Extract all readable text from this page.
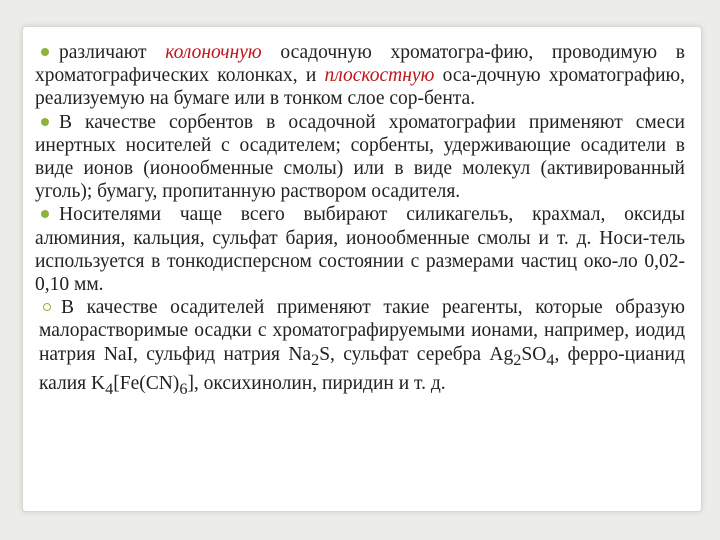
различают колоночную осадочную хроматогра-фию, проводимую в хроматографических колонках, и плоскостную оса-дочную хроматографию, реализуемую на бумаге или в тонком слое сор-бента.

В качестве сорбентов в осадочной хроматографии применяют смеси инертных носителей с осадителем; сорбенты, удерживающие осадители в виде ионов (ионообменные смолы) или в виде молекул (активированный уголь); бумагу, пропитанную раствором осадителя.

Носителями чаще всего выбирают силикагельъ, крахмал, оксиды алюминия, кальция, сульфат бария, ионообменные смолы и т. д. Носи-тель используется в тонкодисперсном состоянии с размерами частиц око-ло 0,02-0,10 мм.

В качестве осадителей применяют такие реагенты, которые образую малорастворимые осадки с хроматографируемыми ионами, например, иодид натрия NaI, сульфид натрия $Na_2S$, сульфат серебра $Ag_2SO_4$, ферро-цианид калия $K_4[Fe(CN)_6]$, оксихинолин, пиридин и т. д.
